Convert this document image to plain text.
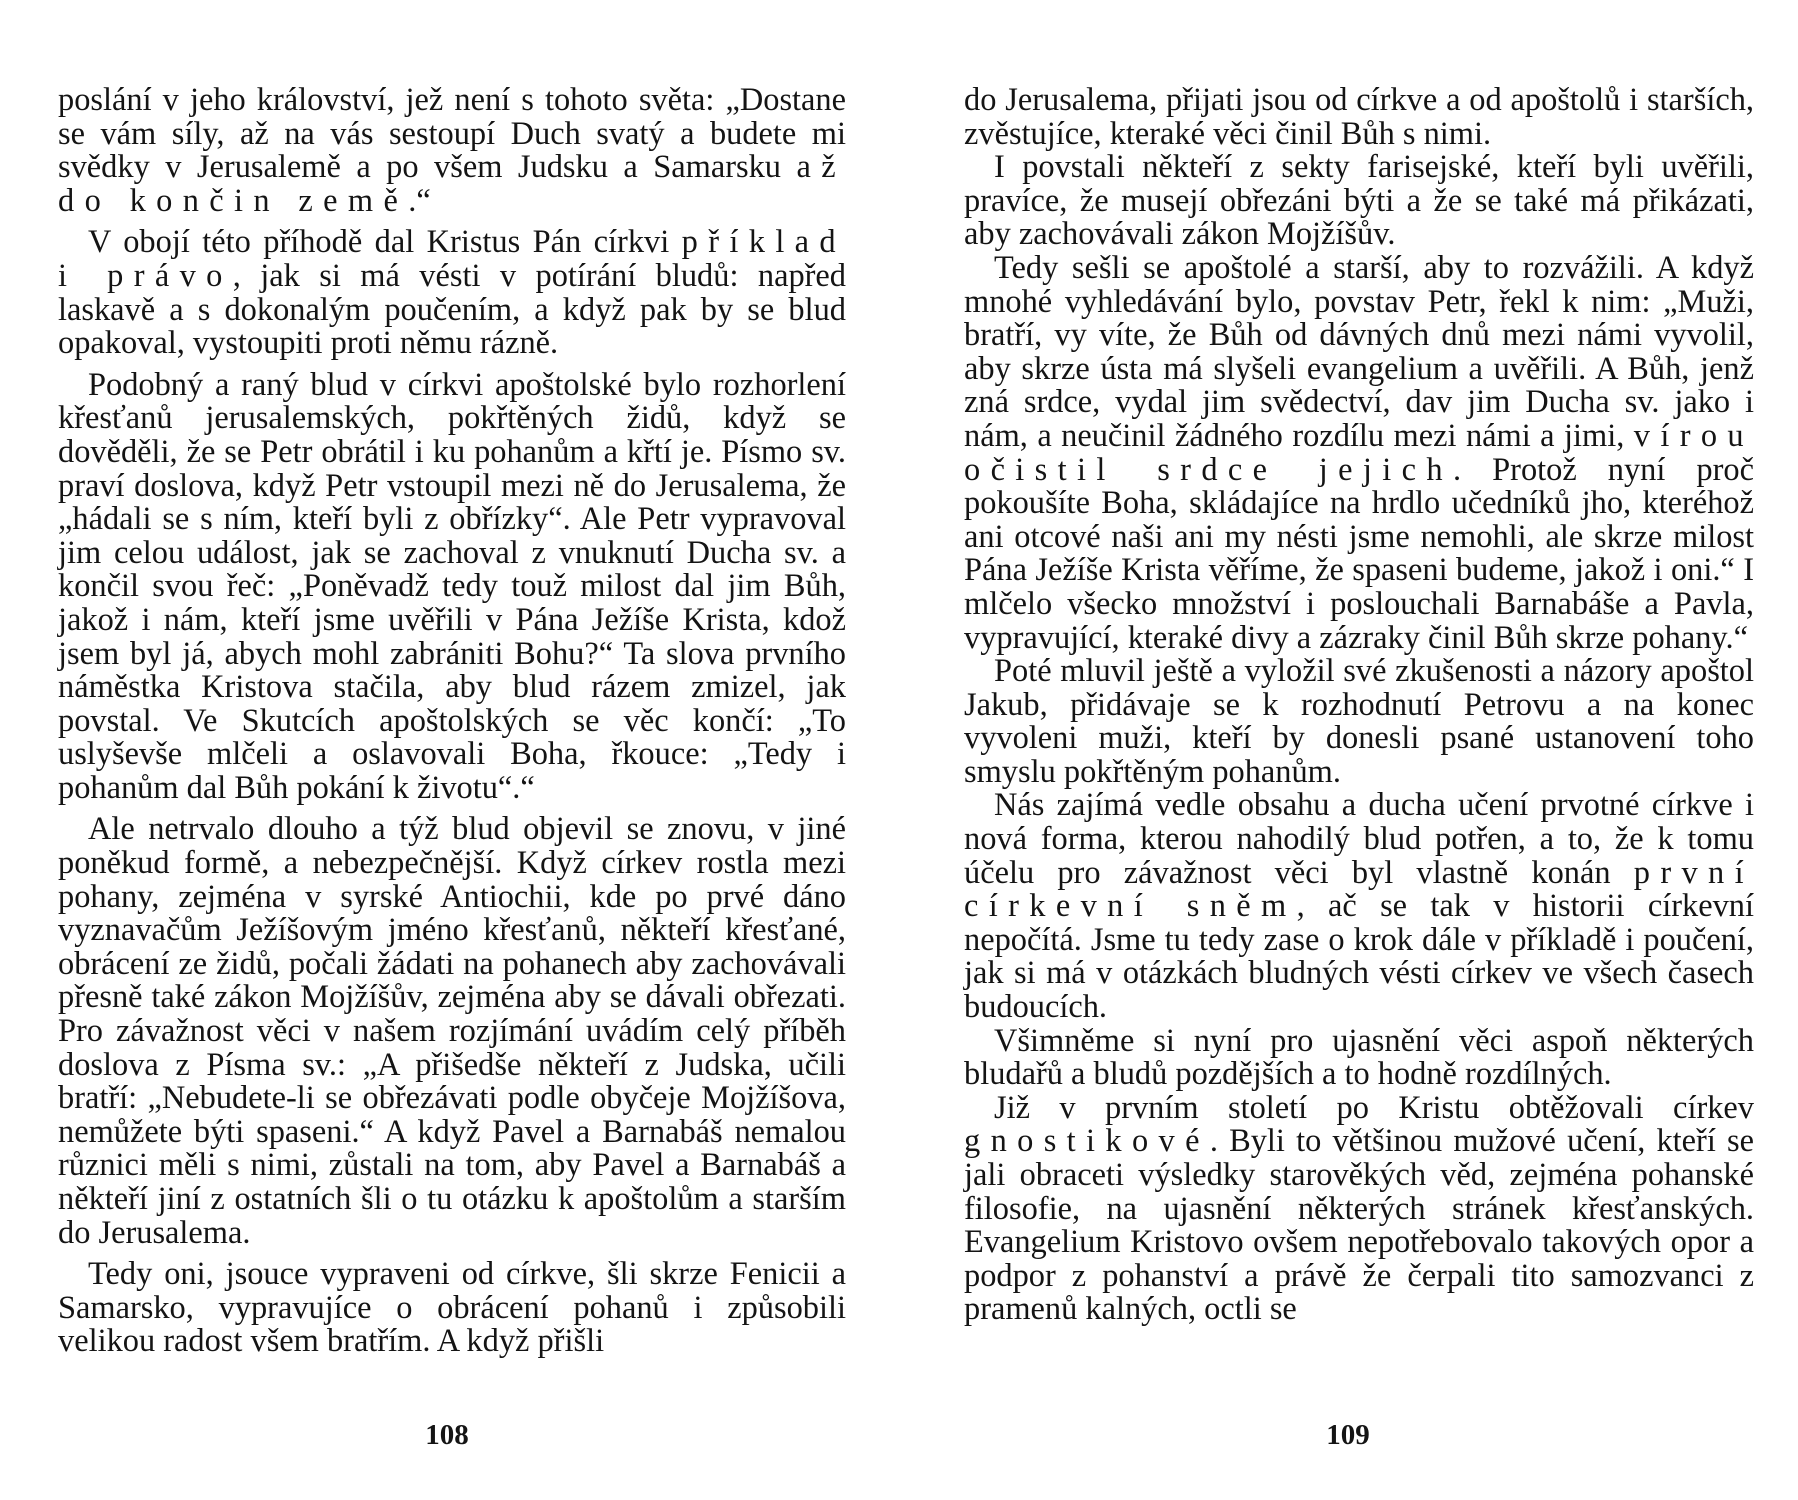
poslání v jeho království, jež není s tohoto světa: „Dostane se vám síly, až na vás sestoupí Duch svatý a budete mi svědky v Jerusalemě a po všem Judsku a Samarsku až do končin země.“

V obojí této příhodě dal Kristus Pán církvi příklad i právo, jak si má vésti v potírání bludů: napřed laskavě a s dokonalým poučením, a když pak by se blud opakoval, vystoupiti proti němu rázně.

Podobný a raný blud v církvi apoštolské bylo rozhorlení křesťanů jerusalemských, pokřtěných židů, když se dověděli, že se Petr obrátil i ku pohanům a křtí je. Písmo sv. praví doslova, když Petr vstoupil mezi ně do Jerusalema, že „hádali se s ním, kteří byli z obřízky“. Ale Petr vypravoval jim celou událost, jak se zachoval z vnuknutí Ducha sv. a končil svou řeč: „Poněvadž tedy touž milost dal jim Bůh, jakož i nám, kteří jsme uvěřili v Pána Ježíše Krista, kdož jsem byl já, abych mohl zabrániti Bohu?“ Ta slova prvního náměstka Kristova stačila, aby blud rázem zmizel, jak povstal. Ve Skutcích apoštolských se věc končí: „To uslyševše mlčeli a oslavovali Boha, řkouce: „Tedy i pohanům dal Bůh pokání k životu“.“

Ale netrvalo dlouho a týž blud objevil se znovu, v jiné poněkud formě, a nebezpečnější. Když církev rostla mezi pohany, zejména v syrské Antiochii, kde po prvé dáno vyznavačům Ježíšovým jméno křesťanů, někteří křesťané, obrácení ze židů, počali žádati na pohanech aby zachovávali přesně také zákon Mojžíšův, zejména aby se dávali obřezati. Pro závažnost věci v našem rozjímání uvádím celý příběh doslova z Písma sv.: „A přišedše někteří z Judska, učili bratří: „Nebudete-li se obřezávati podle obyčeje Mojžíšova, nemůžete býti spaseni.“ A když Pavel a Barnabáš nemalou různici měli s nimi, zůstali na tom, aby Pavel a Barnabáš a někteří jiní z ostatních šli o tu otázku k apoštolům a starším do Jerusalema.

Tedy oni, jsouce vypraveni od církve, šli skrze Fenicii a Samarsko, vypravujíce o obrácení pohanů i způsobili velikou radost všem bratřím. A když přišli

108

do Jerusalema, přijati jsou od církve a od apoštolů i starších, zvěstujíce, kteraké věci činil Bůh s nimi.

I povstali někteří z sekty farisejské, kteří byli uvěřili, pravíce, že musejí obřezáni býti a že se také má přikázati, aby zachovávali zákon Mojžíšův.

Tedy sešli se apoštolé a starší, aby to rozvážili. A když mnohé vyhledávání bylo, povstav Petr, řekl k nim: „Muži, bratří, vy víte, že Bůh od dávných dnů mezi námi vyvolil, aby skrze ústa má slyšeli evangelium a uvěřili. A Bůh, jenž zná srdce, vydal jim svědectví, dav jim Ducha sv. jako i nám, a neučinil žádného rozdílu mezi námi a jimi, vírou očistil srdce jejich. Protož nyní proč pokoušíte Boha, skládajíce na hrdlo učedníků jho, kteréhož ani otcové naši ani my nésti jsme nemohli, ale skrze milost Pána Ježíše Krista věříme, že spaseni budeme, jakož i oni.“ I mlčelo všecko množství i poslouchali Barnabáše a Pavla, vypravující, kteraké divy a zázraky činil Bůh skrze pohany.“

Poté mluvil ještě a vyložil své zkušenosti a názory apoštol Jakub, přidávaje se k rozhodnutí Petrovu a na konec vyvoleni muži, kteří by donesli psané ustanovení toho smyslu pokřtěným pohanům.

Nás zajímá vedle obsahu a ducha učení prvotné církve i nová forma, kterou nahodilý blud potřen, a to, že k tomu účelu pro závažnost věci byl vlastně konán první církevní sněm, ač se tak v historii církevní nepočítá. Jsme tu tedy zase o krok dále v příkladě i poučení, jak si má v otázkách bludných vésti církev ve všech časech budoucích.

Všimněme si nyní pro ujasnění věci aspoň některých bludařů a bludů pozdějších a to hodně rozdílných.

Již v prvním století po Kristu obtěžovali církev gnostikové. Byli to většinou mužové učení, kteří se jali obraceti výsledky starověkých věd, zejména pohanské filosofie, na ujasnění některých stránek křesťanských. Evangelium Kristovo ovšem nepotřebovalo takových opor a podpor z pohanství a právě že čerpali tito samozvanci z pramenů kalných, octli se

109
